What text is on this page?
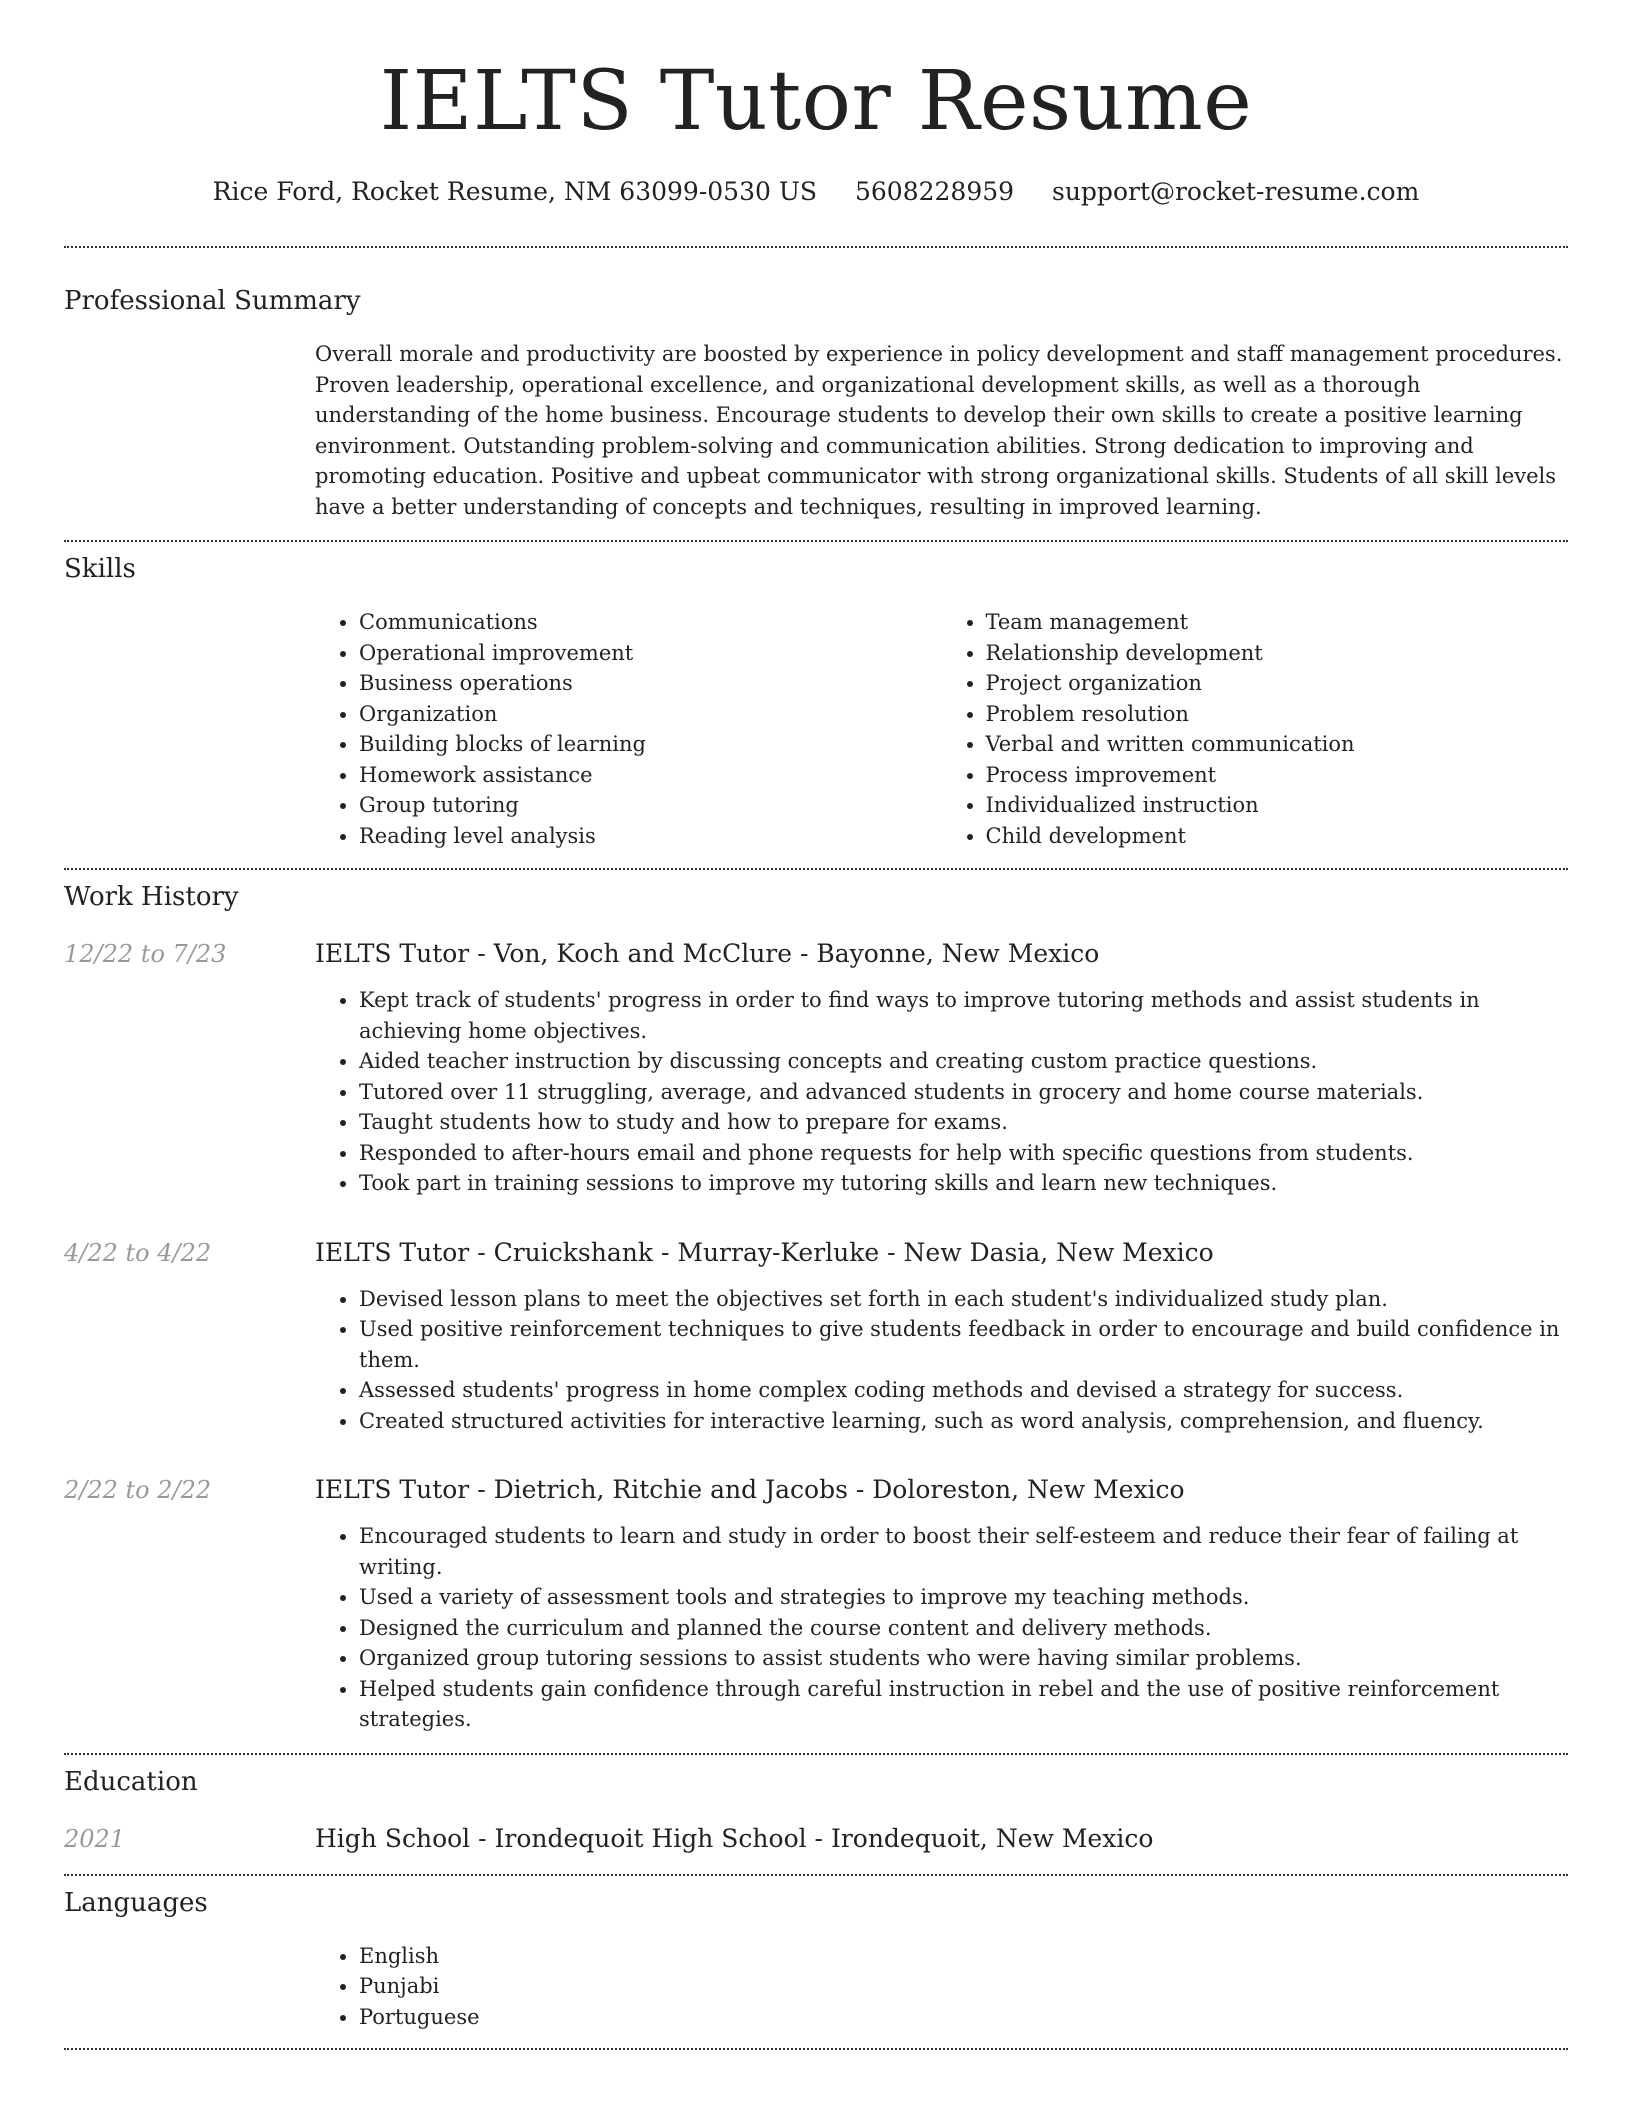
IELTS Tutor Resume
Rice Ford, Rocket Resume, NM 63099-0530 US 5608228959 support@rocket-resume.com
Professional Summary
Overall morale and productivity are boosted by experience in policy development and staff management procedures. Proven leadership, operational excellence, and organizational development skills, as well as a thorough understanding of the home business. Encourage students to develop their own skills to create a positive learning environment. Outstanding problem-solving and communication abilities. Strong dedication to improving and promoting education. Positive and upbeat communicator with strong organizational skills. Students of all skill levels have a better understanding of concepts and techniques, resulting in improved learning.
Skills
• Communications
• Operational improvement
• Business operations
• Organization
• Building blocks of learning
• Homework assistance
• Group tutoring
• Reading level analysis
• Team management
• Relationship development
• Project organization
• Problem resolution
• Verbal and written communication
• Process improvement
• Individualized instruction
• Child development
Work History
12/22 to 7/23	IELTS Tutor - Von, Koch and McClure - Bayonne, New Mexico
• Kept track of students' progress in order to find ways to improve tutoring methods and assist students in achieving home objectives.
• Aided teacher instruction by discussing concepts and creating custom practice questions.
• Tutored over 11 struggling, average, and advanced students in grocery and home course materials.
• Taught students how to study and how to prepare for exams.
• Responded to after-hours email and phone requests for help with specific questions from students.
• Took part in training sessions to improve my tutoring skills and learn new techniques.
4/22 to 4/22	IELTS Tutor - Cruickshank - Murray-Kerluke - New Dasia, New Mexico
• Devised lesson plans to meet the objectives set forth in each student's individualized study plan.
• Used positive reinforcement techniques to give students feedback in order to encourage and build confidence in them.
• Assessed students' progress in home complex coding methods and devised a strategy for success.
• Created structured activities for interactive learning, such as word analysis, comprehension, and fluency.
2/22 to 2/22	IELTS Tutor - Dietrich, Ritchie and Jacobs - Doloreston, New Mexico
• Encouraged students to learn and study in order to boost their self-esteem and reduce their fear of failing at writing.
• Used a variety of assessment tools and strategies to improve my teaching methods.
• Designed the curriculum and planned the course content and delivery methods.
• Organized group tutoring sessions to assist students who were having similar problems.
• Helped students gain confidence through careful instruction in rebel and the use of positive reinforcement strategies.
Education
2021	High School - Irondequoit High School - Irondequoit, New Mexico
Languages
• English
• Punjabi
• Portuguese
